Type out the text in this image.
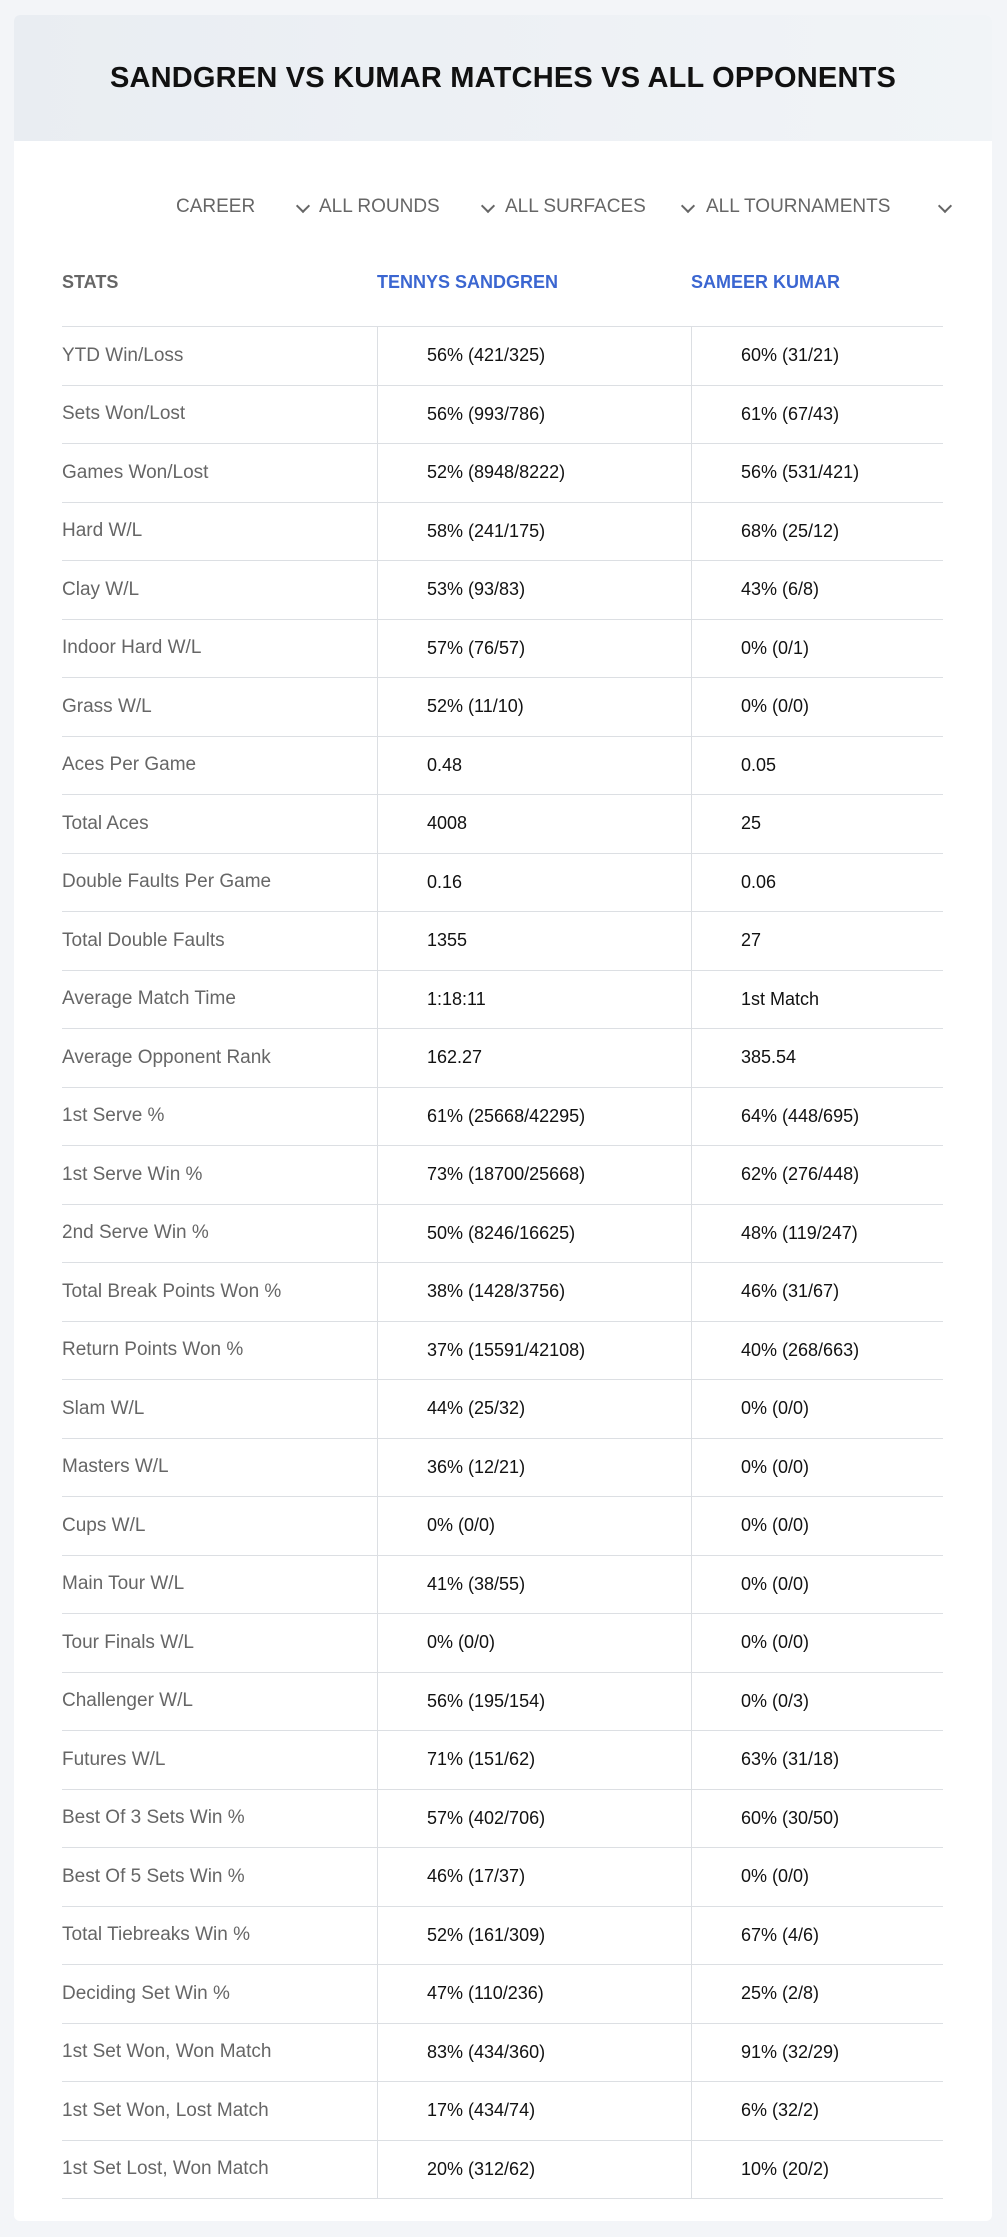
SANDGREN VS KUMAR MATCHES VS ALL OPPONENTS
CAREER	ALL ROUNDS	ALL SURFACES	ALL TOURNAMENTS
STATS	TENNYS SANDGREN	SAMEER KUMAR
YTD Win/Loss	56% (421/325)	60% (31/21)
Sets Won/Lost	56% (993/786)	61% (67/43)
Games Won/Lost	52% (8948/8222)	56% (531/421)
Hard W/L	58% (241/175)	68% (25/12)
Clay W/L	53% (93/83)	43% (6/8)
Indoor Hard W/L	57% (76/57)	0% (0/1)
Grass W/L	52% (11/10)	0% (0/0)
Aces Per Game	0.48	0.05
Total Aces	4008	25
Double Faults Per Game	0.16	0.06
Total Double Faults	1355	27
Average Match Time	1:18:11	1st Match
Average Opponent Rank	162.27	385.54
1st Serve %	61% (25668/42295)	64% (448/695)
1st Serve Win %	73% (18700/25668)	62% (276/448)
2nd Serve Win %	50% (8246/16625)	48% (119/247)
Total Break Points Won %	38% (1428/3756)	46% (31/67)
Return Points Won %	37% (15591/42108)	40% (268/663)
Slam W/L	44% (25/32)	0% (0/0)
Masters W/L	36% (12/21)	0% (0/0)
Cups W/L	0% (0/0)	0% (0/0)
Main Tour W/L	41% (38/55)	0% (0/0)
Tour Finals W/L	0% (0/0)	0% (0/0)
Challenger W/L	56% (195/154)	0% (0/3)
Futures W/L	71% (151/62)	63% (31/18)
Best Of 3 Sets Win %	57% (402/706)	60% (30/50)
Best Of 5 Sets Win %	46% (17/37)	0% (0/0)
Total Tiebreaks Win %	52% (161/309)	67% (4/6)
Deciding Set Win %	47% (110/236)	25% (2/8)
1st Set Won, Won Match	83% (434/360)	91% (32/29)
1st Set Won, Lost Match	17% (434/74)	6% (32/2)
1st Set Lost, Won Match	20% (312/62)	10% (20/2)
